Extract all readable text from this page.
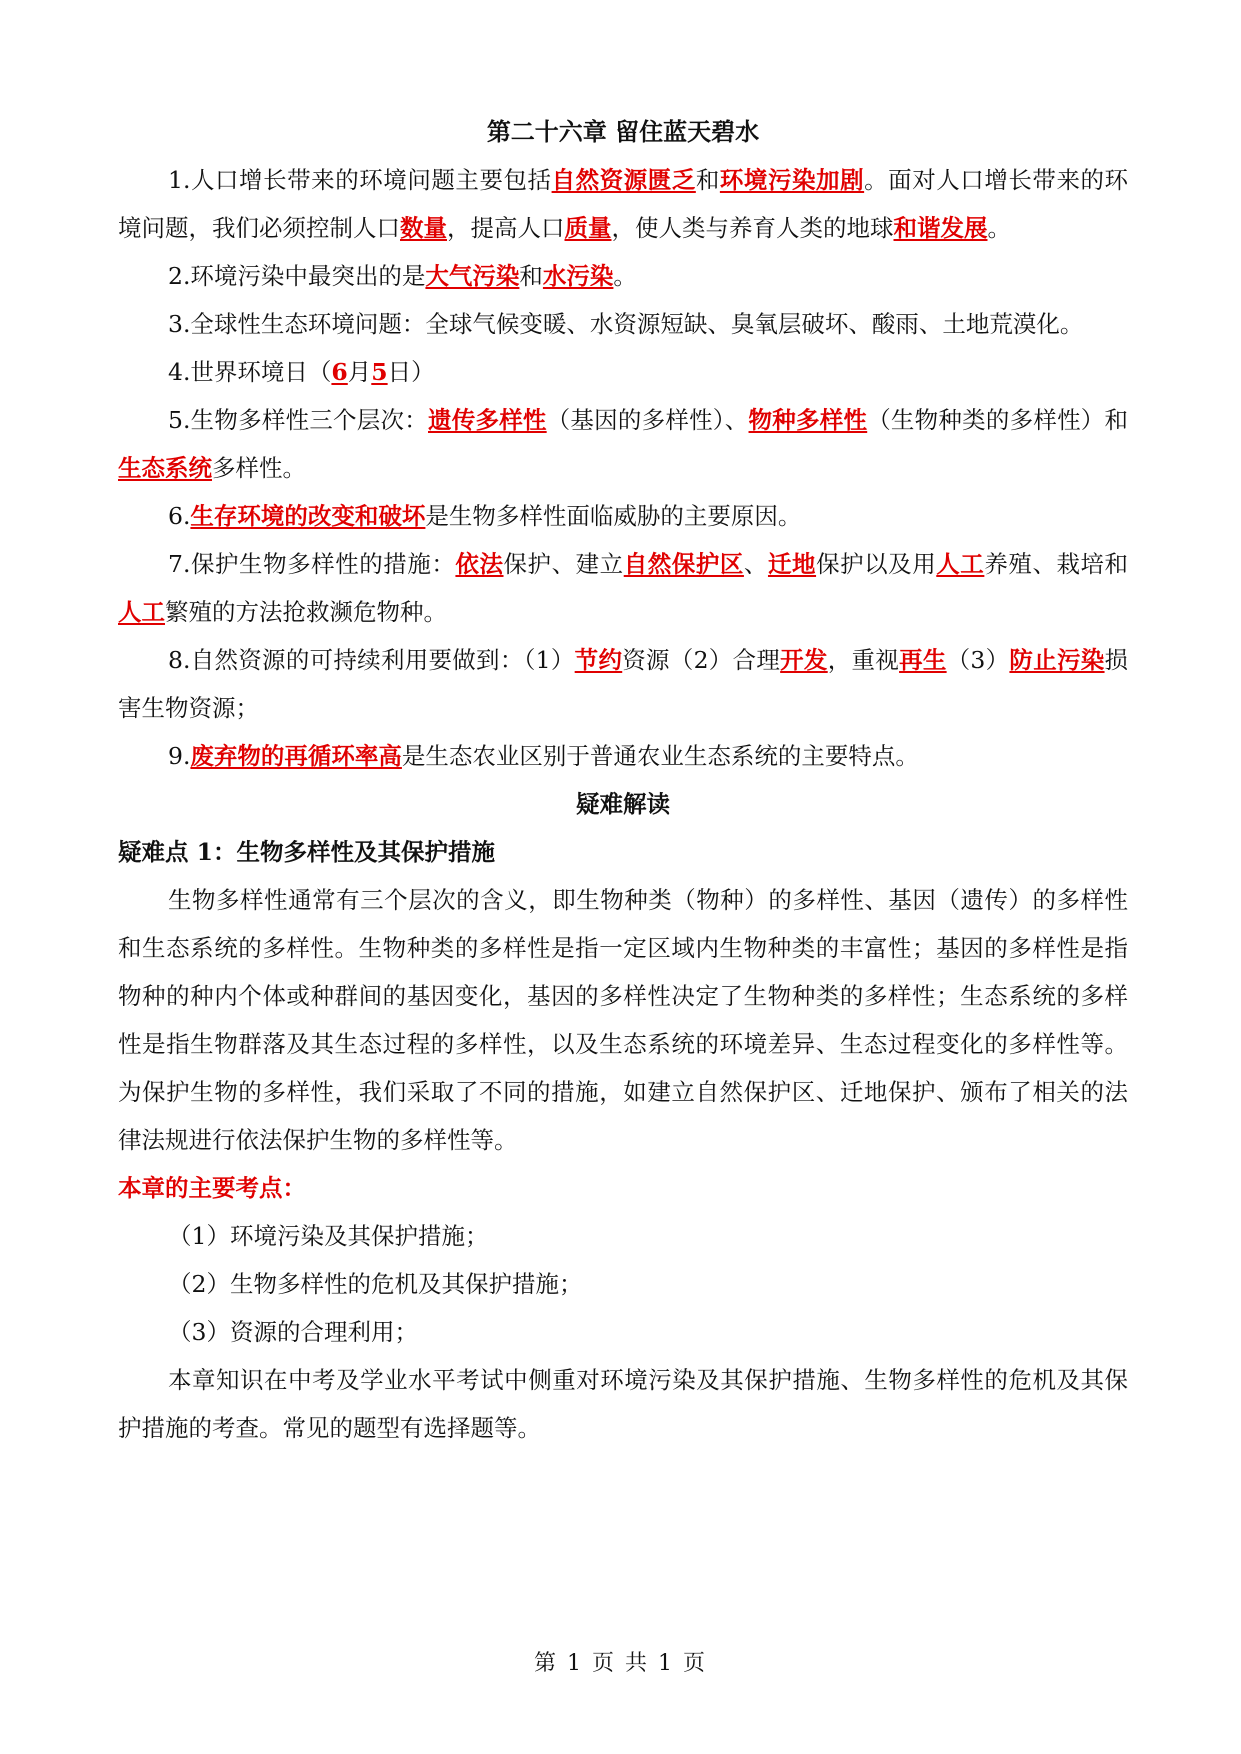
第二十六章 留住蓝天碧水
1.人口增长带来的环境问题主要包括自然资源匮乏和环境污染加剧。面对人口增长带来的环境问题，我们必须控制人口数量，提高人口质量，使人类与养育人类的地球和谐发展。
2.环境污染中最突出的是大气污染和水污染。
3.全球性生态环境问题：全球气候变暖、水资源短缺、臭氧层破坏、酸雨、土地荒漠化。
4.世界环境日（6月5日）
5.生物多样性三个层次：遗传多样性（基因的多样性）、物种多样性（生物种类的多样性）和生态系统多样性。
6.生存环境的改变和破坏是生物多样性面临威胁的主要原因。
7.保护生物多样性的措施：依法保护、建立自然保护区、迁地保护以及用人工养殖、栽培和人工繁殖的方法抢救濒危物种。
8.自然资源的可持续利用要做到：（1）节约资源（2）合理开发，重视再生（3）防止污染损害生物资源；
9.废弃物的再循环率高是生态农业区别于普通农业生态系统的主要特点。
疑难解读
疑难点 1：生物多样性及其保护措施
生物多样性通常有三个层次的含义，即生物种类（物种）的多样性、基因（遗传）的多样性和生态系统的多样性。生物种类的多样性是指一定区域内生物种类的丰富性；基因的多样性是指物种的种内个体或种群间的基因变化，基因的多样性决定了生物种类的多样性；生态系统的多样性是指生物群落及其生态过程的多样性，以及生态系统的环境差异、生态过程变化的多样性等。为保护生物的多样性，我们采取了不同的措施，如建立自然保护区、迁地保护、颁布了相关的法律法规进行依法保护生物的多样性等。
本章的主要考点：
（1）环境污染及其保护措施；
（2）生物多样性的危机及其保护措施；
（3）资源的合理利用；
本章知识在中考及学业水平考试中侧重对环境污染及其保护措施、生物多样性的危机及其保护措施的考查。常见的题型有选择题等。
第 1 页 共 1 页
